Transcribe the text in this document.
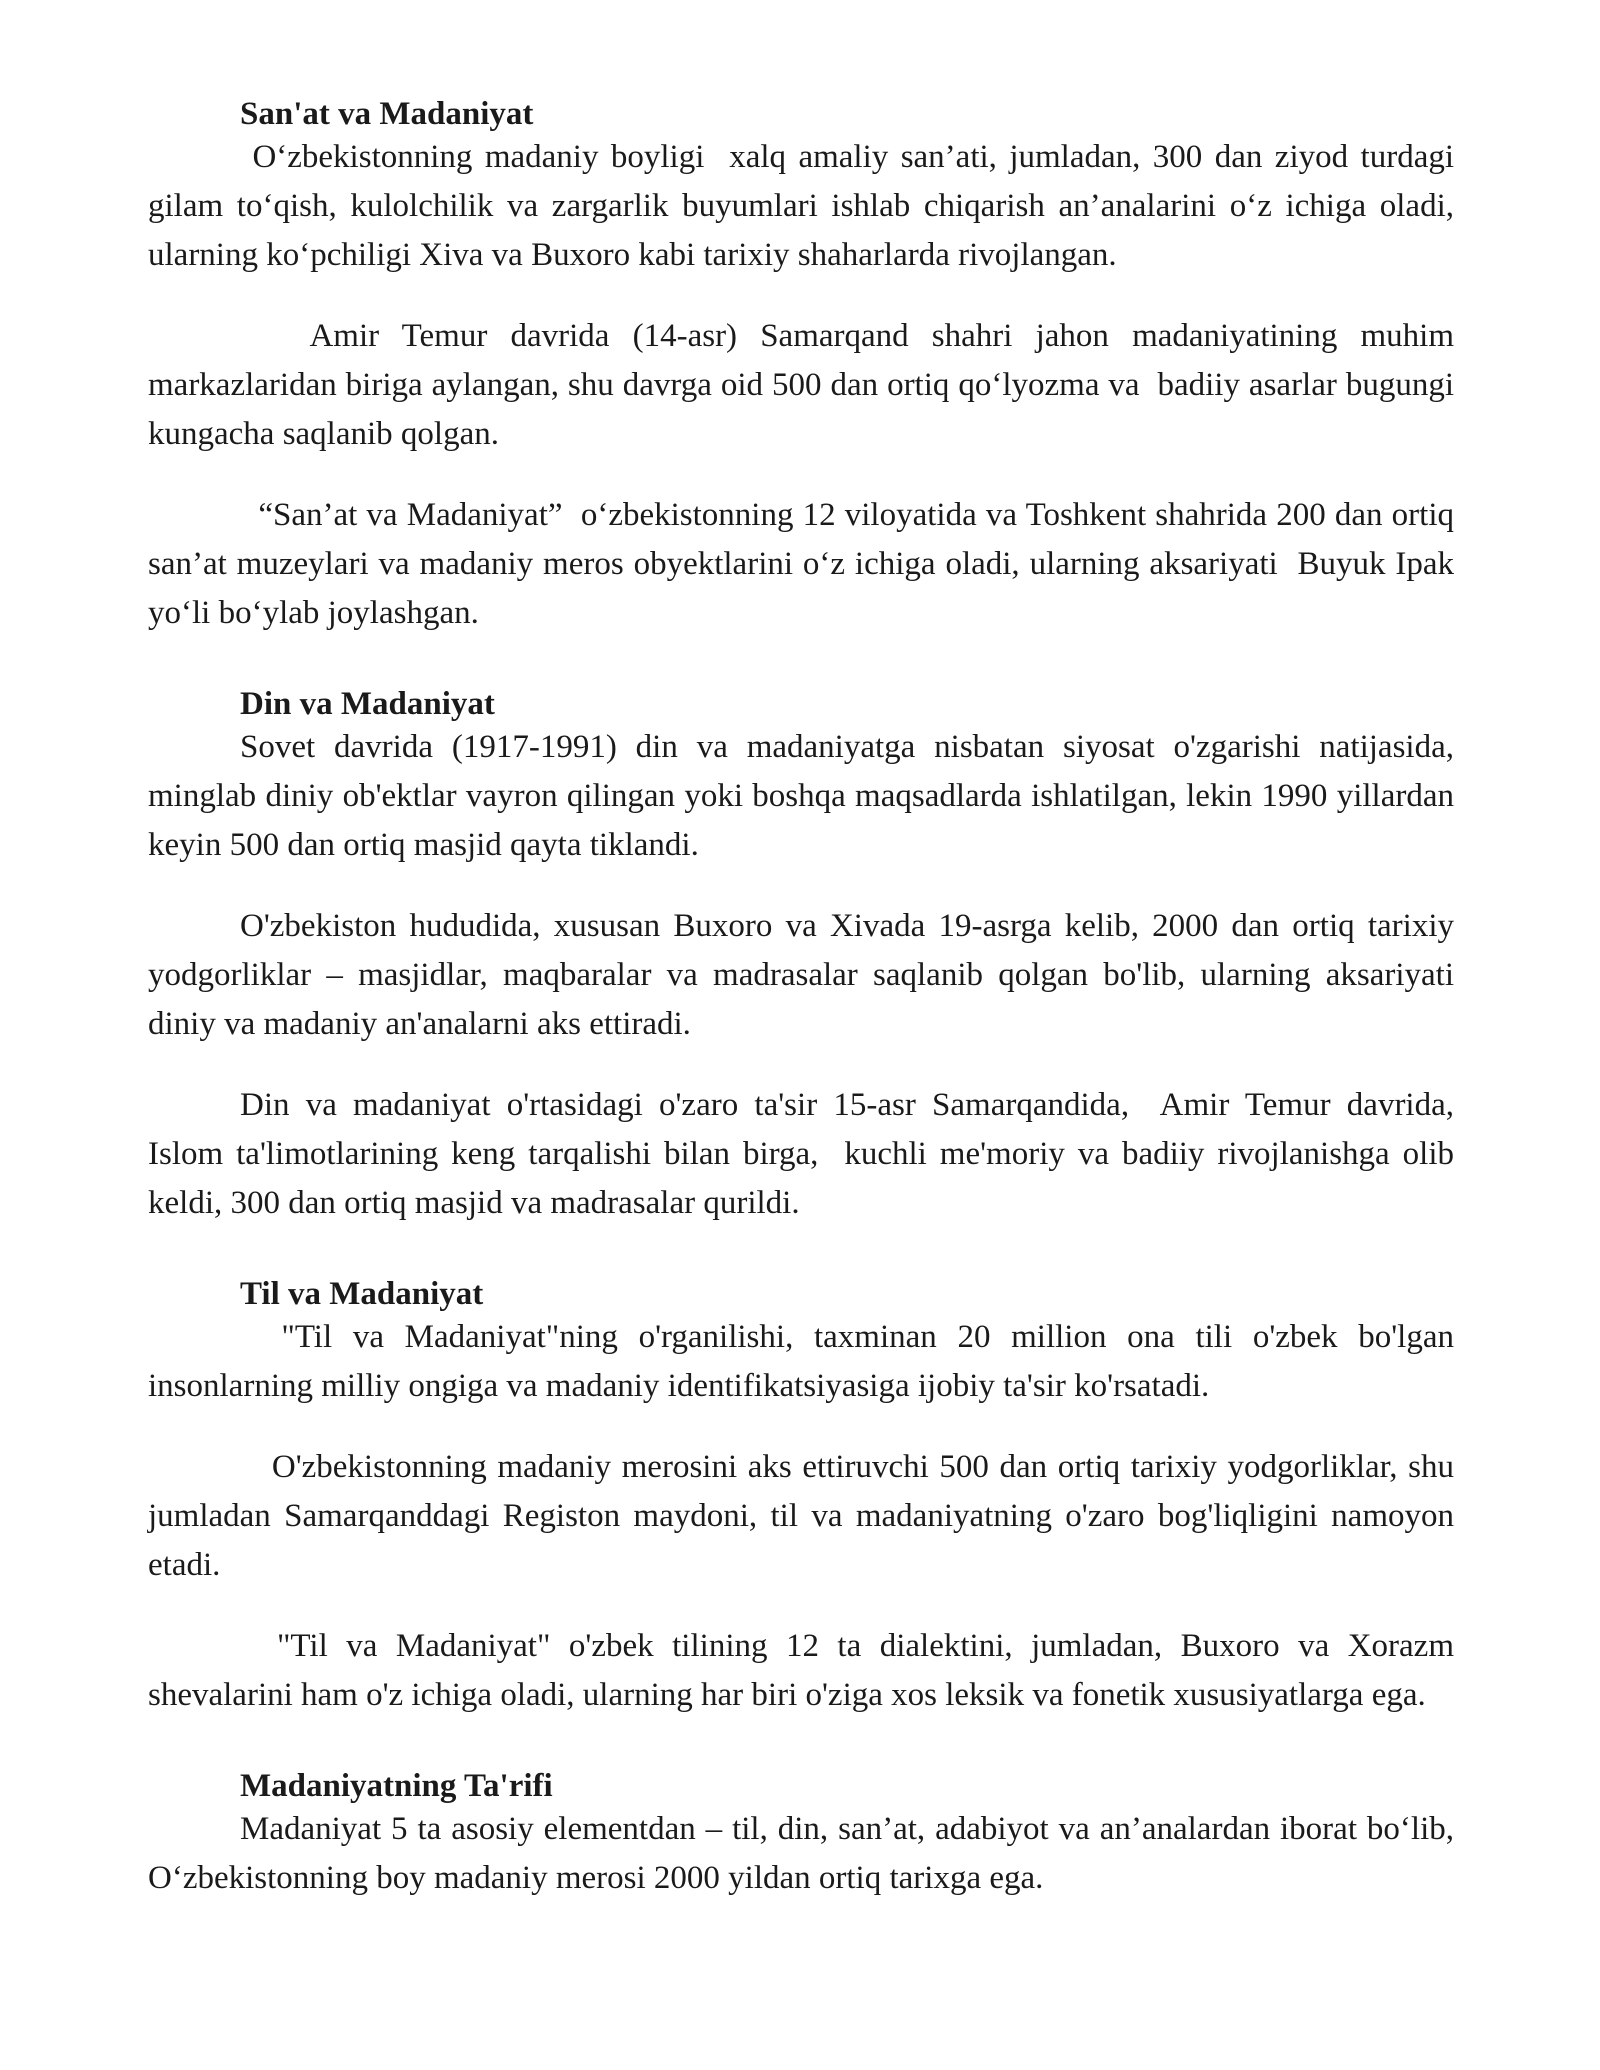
San'at va Madaniyat

O‘zbekistonning madaniy boyligi  xalq amaliy san’ati, jumladan, 300 dan ziyod turdagi gilam to‘qish, kulolchilik va zargarlik buyumlari ishlab chiqarish an’analarini o‘z ichiga oladi, ularning ko‘pchiligi Xiva va Buxoro kabi tarixiy shaharlarda rivojlangan.

Amir Temur davrida (14-asr) Samarqand shahri jahon madaniyatining muhim markazlaridan biriga aylangan, shu davrga oid 500 dan ortiq qo‘lyozma va  badiiy asarlar bugungi kungacha saqlanib qolgan.

“San’at va Madaniyat”  o‘zbekistonning 12 viloyatida va Toshkent shahrida 200 dan ortiq san’at muzeylari va madaniy meros obyektlarini o‘z ichiga oladi, ularning aksariyati  Buyuk Ipak yo‘li bo‘ylab joylashgan.

Din va Madaniyat

Sovet davrida (1917-1991) din va madaniyatga nisbatan siyosat o'zgarishi natijasida, minglab diniy ob'ektlar vayron qilingan yoki boshqa maqsadlarda ishlatilgan, lekin 1990 yillardan keyin 500 dan ortiq masjid qayta tiklandi.

O'zbekiston hududida, xususan Buxoro va Xivada 19-asrga kelib, 2000 dan ortiq tarixiy yodgorliklar – masjidlar, maqbaralar va madrasalar saqlanib qolgan bo'lib, ularning aksariyati diniy va madaniy an'analarni aks ettiradi.

Din va madaniyat o'rtasidagi o'zaro ta'sir 15-asr Samarqandida,  Amir Temur davrida,  Islom ta'limotlarining keng tarqalishi bilan birga,  kuchli me'moriy va badiiy rivojlanishga olib keldi, 300 dan ortiq masjid va madrasalar qurildi.

Til va Madaniyat

"Til va Madaniyat"ning o'rganilishi, taxminan 20 million ona tili o'zbek bo'lgan insonlarning milliy ongiga va madaniy identifikatsiyasiga ijobiy ta'sir ko'rsatadi.

O'zbekistonning madaniy merosini aks ettiruvchi 500 dan ortiq tarixiy yodgorliklar, shu jumladan Samarqanddagi Registon maydoni, til va madaniyatning o'zaro bog'liqligini namoyon etadi.

"Til va Madaniyat" o'zbek tilining 12 ta dialektini, jumladan, Buxoro va Xorazm shevalarini ham o'z ichiga oladi, ularning har biri o'ziga xos leksik va fonetik xususiyatlarga ega.

Madaniyatning Ta'rifi

Madaniyat 5 ta asosiy elementdan – til, din, san’at, adabiyot va an’analardan iborat bo‘lib, O‘zbekistonning boy madaniy merosi 2000 yildan ortiq tarixga ega.
